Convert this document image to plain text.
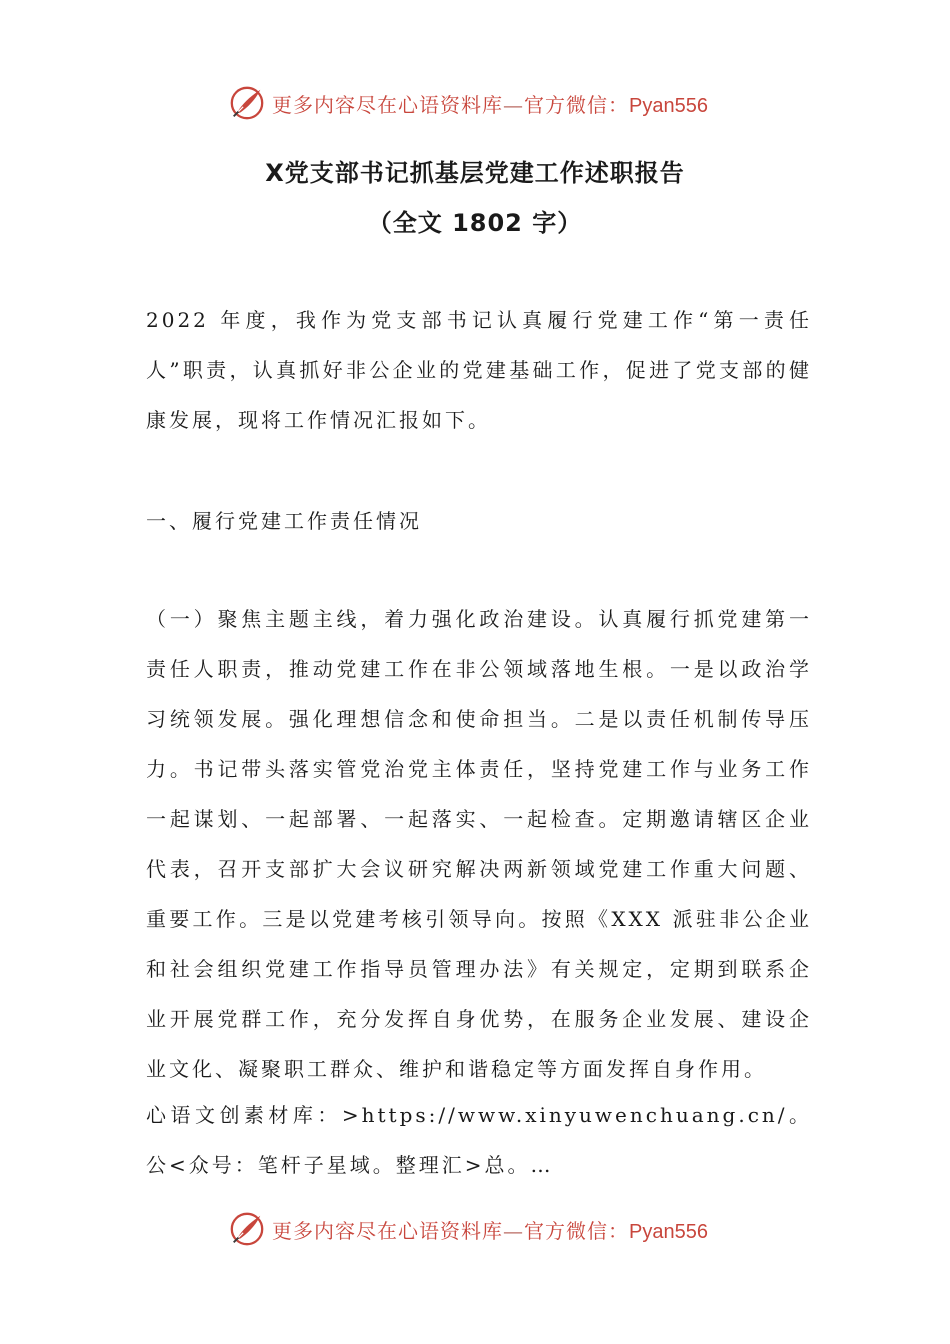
更多内容尽在心语资料库—官方微信：Pyan556
X党支部书记抓基层党建工作述职报告
（全文 1802 字）

2022 年度，我作为党支部书记认真履行党建工作“第一责任人”职责，认真抓好非公企业的党建基础工作，促进了党支部的健康发展，现将工作情况汇报如下。

一、履行党建工作责任情况

（一）聚焦主题主线，着力强化政治建设。认真履行抓党建第一责任人职责，推动党建工作在非公领域落地生根。一是以政治学习统领发展。强化理想信念和使命担当。二是以责任机制传导压力。书记带头落实管党治党主体责任，坚持党建工作与业务工作一起谋划、一起部署、一起落实、一起检查。定期邀请辖区企业代表，召开支部扩大会议研究解决两新领域党建工作重大问题、重要工作。三是以党建考核引领导向。按照《XXX 派驻非公企业和社会组织党建工作指导员管理办法》有关规定，定期到联系企业开展党群工作，充分发挥自身优势，在服务企业发展、建设企业文化、凝聚职工群众、维护和谐稳定等方面发挥自身作用。

心语文创素材库：>https://www.xinyuwenchuang.cn/。公<众号：笔杆子星域。整理汇>总。…

更多内容尽在心语资料库—官方微信：Pyan556
